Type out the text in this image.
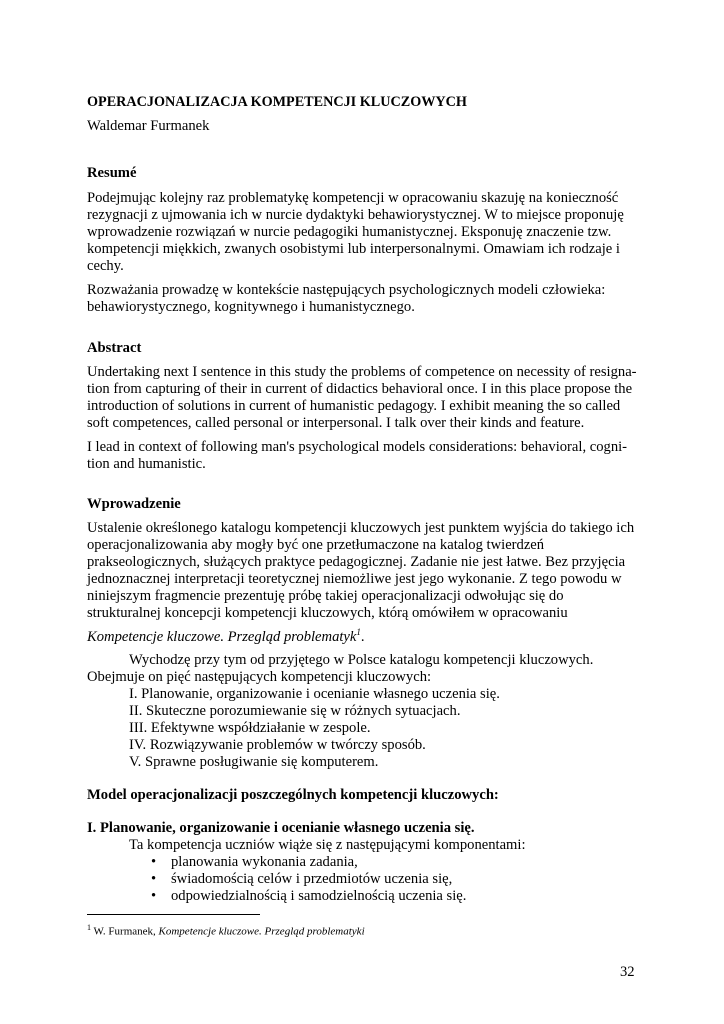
OPERACJONALIZACJA KOMPETENCJI KLUCZOWYCH
Waldemar Furmanek
Resumé
Podejmując kolejny raz problematykę kompetencji w opracowaniu skazuję na konieczność
rezygnacji z ujmowania ich w nurcie dydaktyki behawiorystycznej. W to miejsce proponuję
wprowadzenie rozwiązań w nurcie pedagogiki humanistycznej. Eksponuję znaczenie tzw.
kompetencji miękkich, zwanych osobistymi lub interpersonalnymi. Omawiam ich rodzaje i
cechy.
Rozważania prowadzę w kontekście następujących psychologicznych modeli człowieka:
behawiorystycznego, kognitywnego i humanistycznego.
Abstract
Undertaking next I sentence in this study the problems of competence on necessity of resigna-
tion from capturing of their in current of didactics behavioral once. I in this place propose the
introduction of solutions in current of humanistic pedagogy. I exhibit meaning the so called
soft competences, called personal or interpersonal. I talk over their kinds and feature.
I lead in context of following man's psychological models considerations: behavioral, cogni-
tion and humanistic.
Wprowadzenie
Ustalenie określonego katalogu kompetencji kluczowych jest punktem wyjścia do takiego ich
operacjonalizowania aby mogły być one przetłumaczone na katalog twierdzeń
prakseologicznych, służących praktyce pedagogicznej. Zadanie nie jest łatwe. Bez przyjęcia
jednoznacznej interpretacji teoretycznej niemożliwe jest jego wykonanie. Z tego powodu w
niniejszym fragmencie prezentuję próbę takiej operacjonalizacji odwołując się do
strukturalnej koncepcji kompetencji kluczowych, którą omówiłem w opracowaniu
Kompetencje kluczowe. Przegląd problematyk$^1$.
Wychodzę przy tym od przyjętego w Polsce katalogu kompetencji kluczowych.
Obejmuje on pięć następujących kompetencji kluczowych:
I. Planowanie, organizowanie i ocenianie własnego uczenia się.
II. Skuteczne porozumiewanie się w różnych sytuacjach.
III. Efektywne współdziałanie w zespole.
IV. Rozwiązywanie problemów w twórczy sposób.
V. Sprawne posługiwanie się komputerem.
Model operacjonalizacji poszczególnych kompetencji kluczowych:
I. Planowanie, organizowanie i ocenianie własnego uczenia się.
Ta kompetencja uczniów wiąże się z następującymi komponentami:
• planowania wykonania zadania,
• świadomością celów i przedmiotów uczenia się,
• odpowiedzialnością i samodzielnością uczenia się.
$^1$ W. Furmanek, Kompetencje kluczowe. Przegląd problematyki
32
